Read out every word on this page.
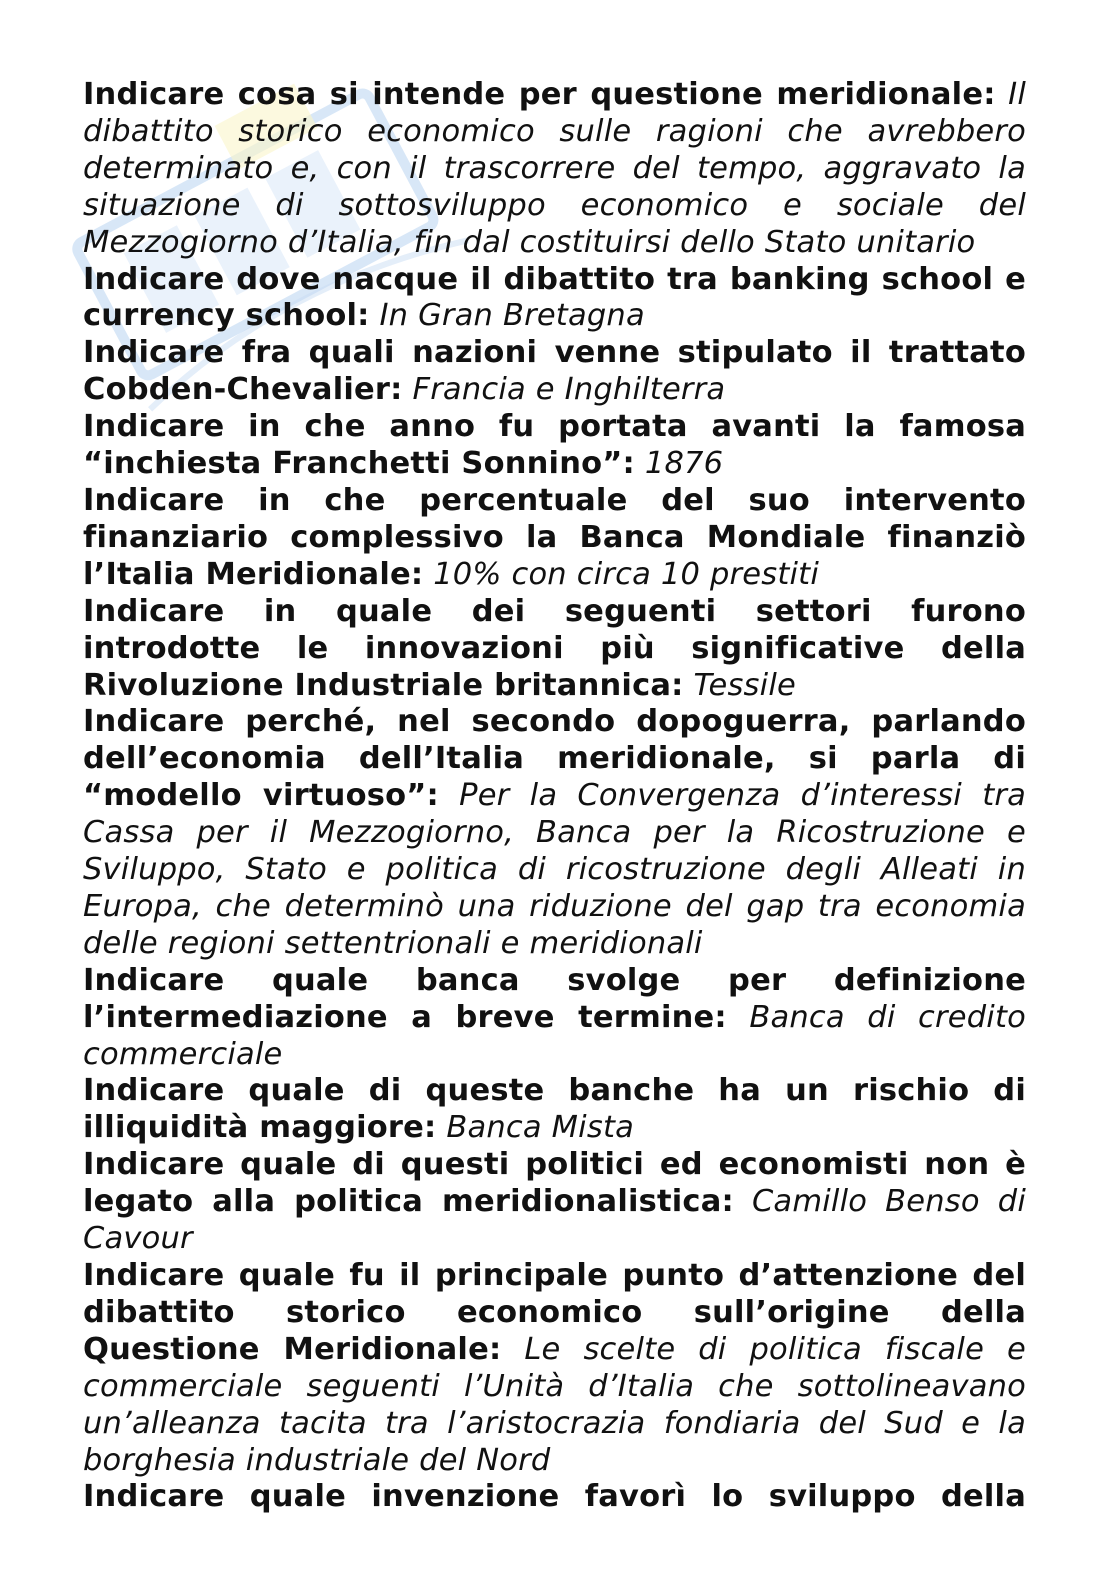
Indicare cosa si intende per questione meridionale: Il dibattito storico economico sulle ragioni che avrebbero determinato e, con il trascorrere del tempo, aggravato la situazione di sottosviluppo economico e sociale del Mezzogiorno d’Italia, fin dal costituirsi dello Stato unitario

Indicare dove nacque il dibattito tra banking school e currency school: In Gran Bretagna

Indicare fra quali nazioni venne stipulato il trattato Cobden-Chevalier: Francia e Inghilterra

Indicare in che anno fu portata avanti la famosa “inchiesta Franchetti Sonnino”: 1876

Indicare in che percentuale del suo intervento finanziario complessivo la Banca Mondiale finanziò l’Italia Meridionale: 10% con circa 10 prestiti

Indicare in quale dei seguenti settori furono introdotte le innovazioni più significative della Rivoluzione Industriale britannica: Tessile

Indicare perché, nel secondo dopoguerra, parlando dell’economia dell’Italia meridionale, si parla di “modello virtuoso”: Per la Convergenza d’interessi tra Cassa per il Mezzogiorno, Banca per la Ricostruzione e Sviluppo, Stato e politica di ricostruzione degli Alleati in Europa, che determinò una riduzione del gap tra economia delle regioni settentrionali e meridionali

Indicare quale banca svolge per definizione l’intermediazione a breve termine: Banca di credito commerciale

Indicare quale di queste banche ha un rischio di illiquidità maggiore: Banca Mista

Indicare quale di questi politici ed economisti non è legato alla politica meridionalistica: Camillo Benso di Cavour

Indicare quale fu il principale punto d’attenzione del dibattito storico economico sull’origine della Questione Meridionale: Le scelte di politica fiscale e commerciale seguenti l’Unità d’Italia che sottolineavano un’alleanza tacita tra l’aristocrazia fondiaria del Sud e la borghesia industriale del Nord

Indicare quale invenzione favorì lo sviluppo della
